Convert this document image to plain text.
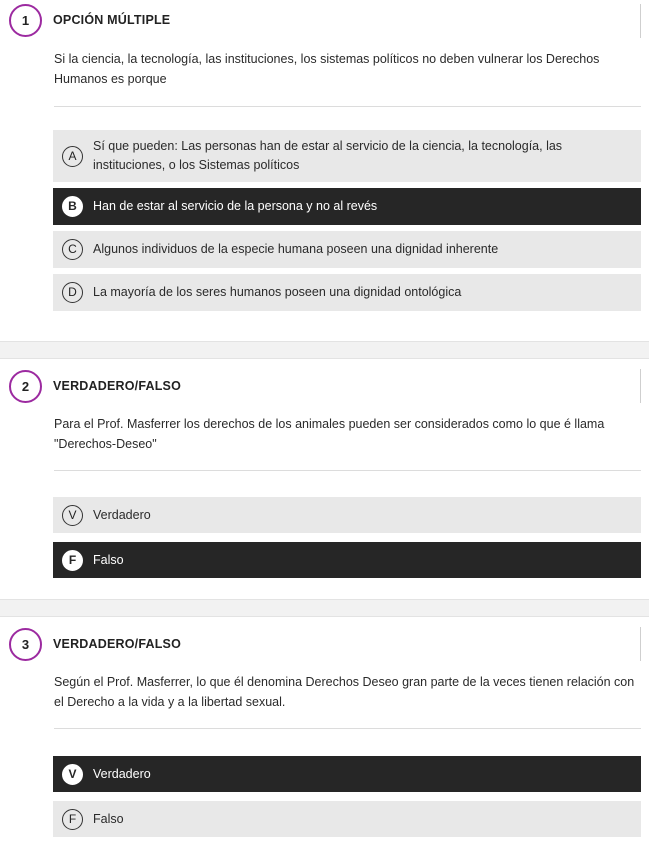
1	OPCIÓN MÚLTIPLE
Si la ciencia, la tecnología, las instituciones, los sistemas políticos no deben vulnerar los Derechos Humanos es porque
A
Sí que pueden: Las personas han de estar al servicio de la ciencia, la tecnología, las instituciones, o los Sistemas políticos
B	Han de estar al servicio de la persona y no al revés
C	Algunos individuos de la especie humana poseen una dignidad inherente
D	La mayoría de los seres humanos poseen una dignidad ontológica
2	VERDADERO/FALSO
Para el Prof. Masferrer los derechos de los animales pueden ser considerados como lo que é llama "Derechos-Deseo"
V	Verdadero
F	Falso
3	VERDADERO/FALSO
Según el Prof. Masferrer, lo que él denomina Derechos Deseo gran parte de la veces tienen relación con el Derecho a la vida y a la libertad sexual.
V	Verdadero
F	Falso
